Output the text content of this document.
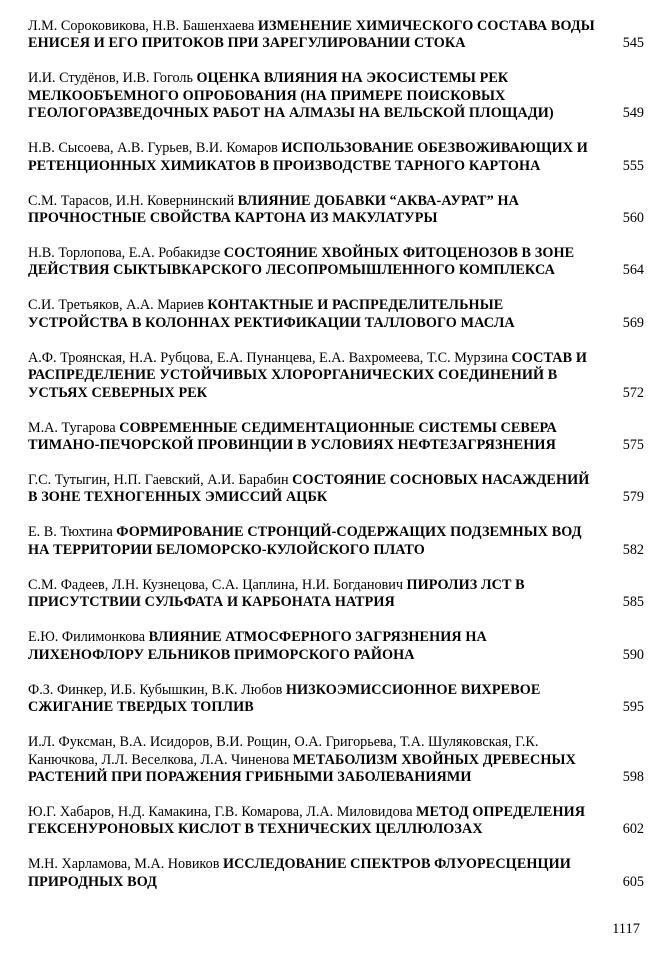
Л.М. Сороковикова, Н.В. Башенхаева ИЗМЕНЕНИЕ ХИМИЧЕСКОГО СОСТАВА ВОДЫ ЕНИСЕЯ И ЕГО ПРИТОКОВ ПРИ ЗАРЕГУЛИРОВАНИИ СТОКА	545
И.И. Студёнов, И.В. Гоголь ОЦЕНКА ВЛИЯНИЯ НА ЭКОСИСТЕМЫ РЕК МЕЛКООБЪЕМНОГО ОПРОБОВАНИЯ (НА ПРИМЕРЕ ПОИСКОВЫХ ГЕОЛОГОРАЗВЕДОЧНЫХ РАБОТ НА АЛМАЗЫ НА ВЕЛЬСКОЙ ПЛОЩАДИ)	549
Н.В. Сысоева, А.В. Гурьев, В.И. Комаров ИСПОЛЬЗОВАНИЕ ОБЕЗВОЖИВАЮЩИХ И РЕТЕНЦИОННЫХ ХИМИКАТОВ В ПРОИЗВОДСТВЕ ТАРНОГО КАРТОНА	555
С.М. Тарасов, И.Н. Ковернинский ВЛИЯНИЕ ДОБАВКИ “АКВА-АУРАТ” НА ПРОЧНОСТНЫЕ СВОЙСТВА КАРТОНА ИЗ МАКУЛАТУРЫ	560
Н.В. Торлопова, Е.А. Робакидзе СОСТОЯНИЕ ХВОЙНЫХ ФИТОЦЕНОЗОВ В ЗОНЕ ДЕЙСТВИЯ СЫКТЫВКАРСКОГО ЛЕСОПРОМЫШЛЕННОГО КОМПЛЕКСА	564
С.И. Третьяков, А.А. Мариев КОНТАКТНЫЕ И РАСПРЕДЕЛИТЕЛЬНЫЕ УСТРОЙСТВА В КОЛОННАХ РЕКТИФИКАЦИИ ТАЛЛОВОГО МАСЛА	569
А.Ф. Троянская, Н.А. Рубцова, Е.А. Пунанцева, Е.А. Вахромеева, Т.С. Мурзина СОСТАВ И РАСПРЕДЕЛЕНИЕ УСТОЙЧИВЫХ ХЛОРОРГАНИЧЕСКИХ СОЕДИНЕНИЙ В УСТЬЯХ СЕВЕРНЫХ РЕК	572
М.А. Тугарова СОВРЕМЕННЫЕ СЕДИМЕНТАЦИОННЫЕ СИСТЕМЫ СЕВЕРА ТИМАНО-ПЕЧОРСКОЙ ПРОВИНЦИИ В УСЛОВИЯХ НЕФТЕЗАГРЯЗНЕНИЯ	575
Г.С. Тутыгин, Н.П. Гаевский, А.И. Барабин СОСТОЯНИЕ СОСНОВЫХ НАСАЖДЕНИЙ В ЗОНЕ ТЕХНОГЕННЫХ ЭМИССИЙ АЦБК	579
Е. В. Тюхтина ФОРМИРОВАНИЕ СТРОНЦИЙ-СОДЕРЖАЩИХ ПОДЗЕМНЫХ ВОД НА ТЕРРИТОРИИ БЕЛОМОРСКО-КУЛОЙСКОГО ПЛАТО	582
С.М. Фадеев, Л.Н. Кузнецова, С.А. Цаплина, Н.И. Богданович ПИРОЛИЗ ЛСТ В ПРИСУТСТВИИ СУЛЬФАТА И КАРБОНАТА НАТРИЯ	585
Е.Ю. Филимонкова ВЛИЯНИЕ АТМОСФЕРНОГО ЗАГРЯЗНЕНИЯ НА ЛИХЕНОФЛОРУ ЕЛЬНИКОВ ПРИМОРСКОГО РАЙОНА	590
Ф.З. Финкер, И.Б. Кубышкин, В.К. Любов НИЗКОЭМИССИОННОЕ ВИХРЕВОЕ СЖИГАНИЕ ТВЕРДЫХ ТОПЛИВ	595
И.Л. Фуксман, В.А. Исидоров, В.И. Рощин, О.А. Григорьева, Т.А. Шуляковская, Г.К. Канючкова, Л.Л. Веселкова, Л.А. Чиненова МЕТАБОЛИЗМ ХВОЙНЫХ ДРЕВЕСНЫХ РАСТЕНИЙ ПРИ ПОРАЖЕНИЯ ГРИБНЫМИ ЗАБОЛЕВАНИЯМИ	598
Ю.Г. Хабаров, Н.Д. Камакина, Г.В. Комарова, Л.А. Миловидова МЕТОД ОПРЕДЕЛЕНИЯ ГЕКСЕНУРОНОВЫХ КИСЛОТ В ТЕХНИЧЕСКИХ ЦЕЛЛЮЛОЗАХ	602
М.Н. Харламова, М.А. Новиков ИССЛЕДОВАНИЕ СПЕКТРОВ ФЛУОРЕСЦЕНЦИИ ПРИРОДНЫХ ВОД	605
1117
